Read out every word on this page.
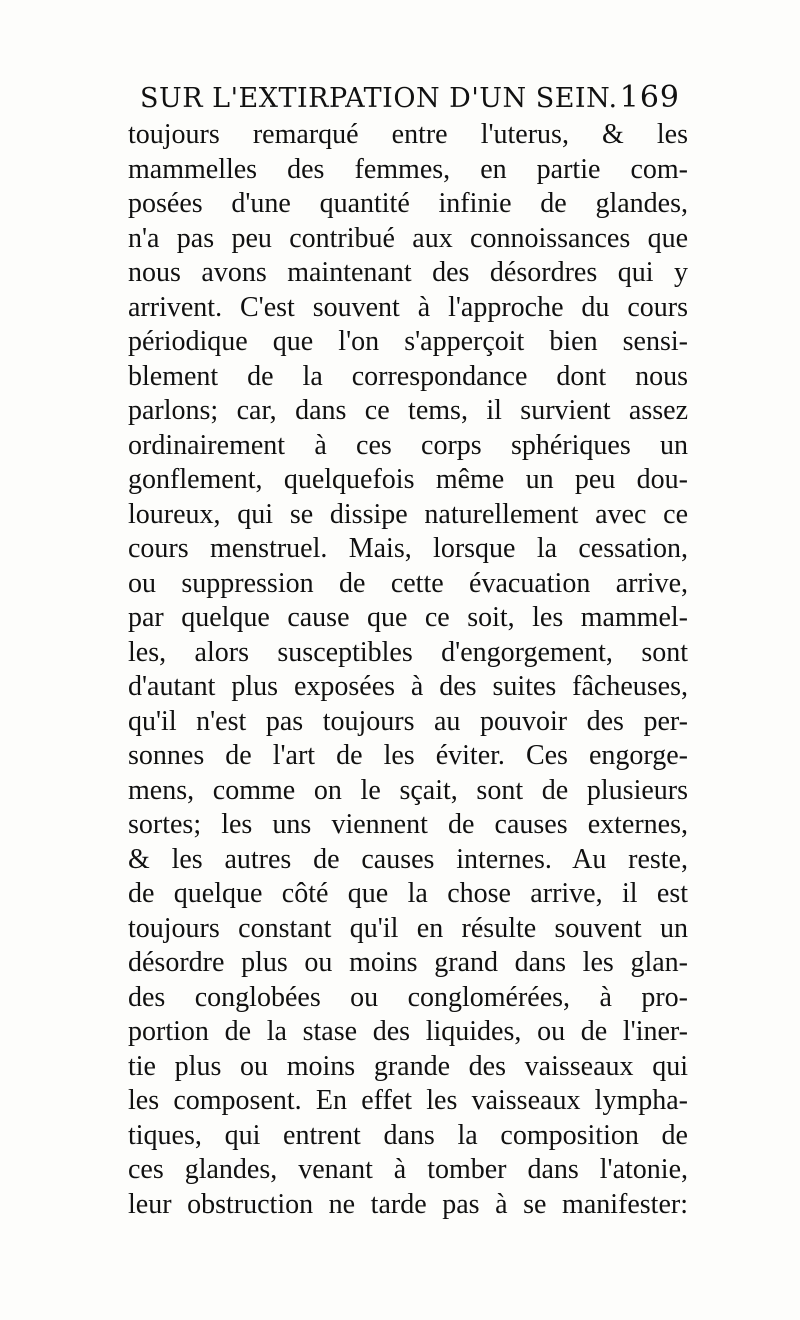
SUR L'EXTIRPATION D'UN SEIN. 169
toujours remarqué entre l'uterus, & les
mammelles des femmes, en partie com-
posées d'une quantité infinie de glandes,
n'a pas peu contribué aux connoissances que
nous avons maintenant des désordres qui y
arrivent. C'est souvent à l'approche du cours
périodique que l'on s'apperçoit bien sensi-
blement de la correspondance dont nous
parlons; car, dans ce tems, il survient assez
ordinairement à ces corps sphériques un
gonflement, quelquefois même un peu dou-
loureux, qui se dissipe naturellement avec ce
cours menstruel. Mais, lorsque la cessation,
ou suppression de cette évacuation arrive,
par quelque cause que ce soit, les mammel-
les, alors susceptibles d'engorgement, sont
d'autant plus exposées à des suites fâcheuses,
qu'il n'est pas toujours au pouvoir des per-
sonnes de l'art de les éviter. Ces engorge-
mens, comme on le sçait, sont de plusieurs
sortes; les uns viennent de causes externes,
& les autres de causes internes. Au reste,
de quelque côté que la chose arrive, il est
toujours constant qu'il en résulte souvent un
désordre plus ou moins grand dans les glan-
des conglobées ou conglomérées, à pro-
portion de la stase des liquides, ou de l'iner-
tie plus ou moins grande des vaisseaux qui
les composent. En effet les vaisseaux lympha-
tiques, qui entrent dans la composition de
ces glandes, venant à tomber dans l'atonie,
leur obstruction ne tarde pas à se manifester:
